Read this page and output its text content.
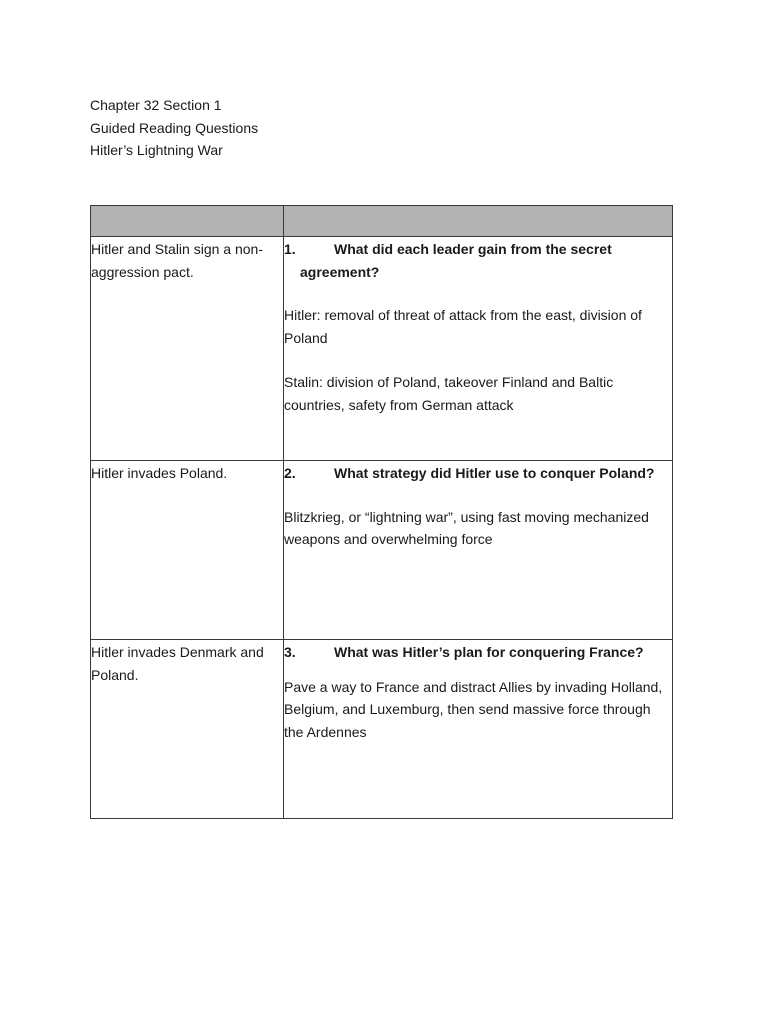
Chapter 32 Section 1
Guided Reading Questions
Hitler’s Lightning War

Hitler and Stalin sign a non-aggression pact.	1. What did each leader gain from the secret agreement?
Hitler: removal of threat of attack from the east, division of Poland
Stalin: division of Poland, takeover Finland and Baltic countries, safety from German attack

Hitler invades Poland.	2. What strategy did Hitler use to conquer Poland?
Blitzkrieg, or “lightning war”, using fast moving mechanized weapons and overwhelming force

Hitler invades Denmark and Poland.	3. What was Hitler’s plan for conquering France?
Pave a way to France and distract Allies by invading Holland, Belgium, and Luxemburg, then send massive force through the Ardennes
